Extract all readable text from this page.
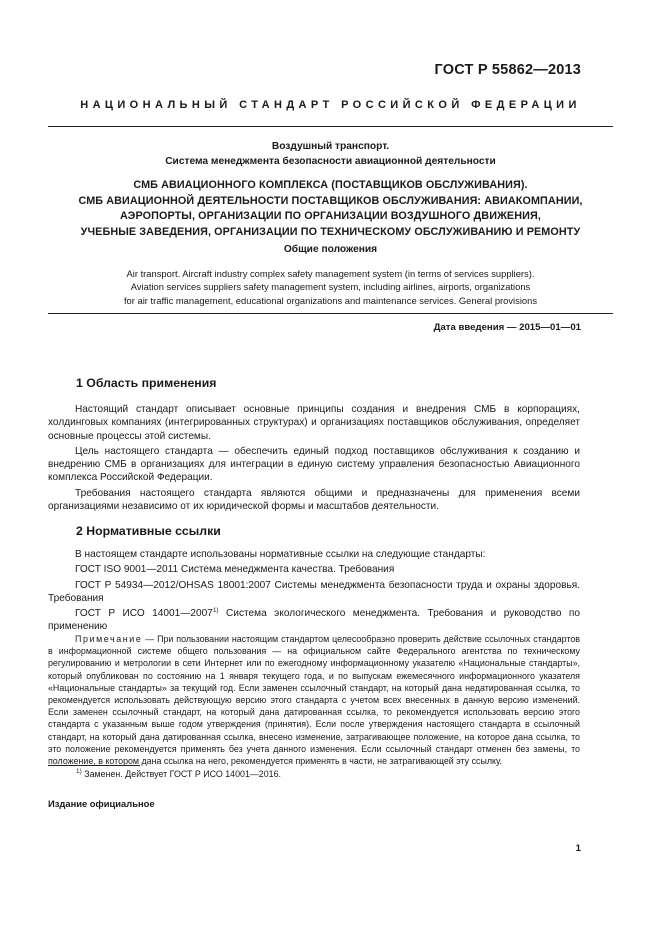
ГОСТ Р 55862—2013
НАЦИОНАЛЬНЫЙ СТАНДАРТ РОССИЙСКОЙ ФЕДЕРАЦИИ
Воздушный транспорт.
Система менеджмента безопасности авиационной деятельности
СМБ АВИАЦИОННОГО КОМПЛЕКСА (ПОСТАВЩИКОВ ОБСЛУЖИВАНИЯ).
СМБ АВИАЦИОННОЙ ДЕЯТЕЛЬНОСТИ ПОСТАВЩИКОВ ОБСЛУЖИВАНИЯ: АВИАКОМПАНИИ,
АЭРОПОРТЫ, ОРГАНИЗАЦИИ ПО ОРГАНИЗАЦИИ ВОЗДУШНОГО ДВИЖЕНИЯ,
УЧЕБНЫЕ ЗАВЕДЕНИЯ, ОРГАНИЗАЦИИ ПО ТЕХНИЧЕСКОМУ ОБСЛУЖИВАНИЮ И РЕМОНТУ
Общие положения
Air transport. Aircraft industry complex safety management system (in terms of services suppliers).
Aviation services suppliers safety management system, including airlines, airports, organizations
for air traffic management, educational organizations and maintenance services. General provisions
Дата введения — 2015—01—01
1 Область применения

Настоящий стандарт описывает основные принципы создания и внедрения СМБ в корпорациях, холдинговых компаниях (интегрированных структурах) и организациях поставщиков обслуживания, определяет основные процессы этой системы.

Цель настоящего стандарта — обеспечить единый подход поставщиков обслуживания к созданию и внедрению СМБ в организациях для интеграции в единую систему управления безопасностью Авиационного комплекса Российской Федерации.

Требования настоящего стандарта являются общими и предназначены для применения всеми организациями независимо от их юридической формы и масштабов деятельности.

2 Нормативные ссылки

В настоящем стандарте использованы нормативные ссылки на следующие стандарты:

ГОСТ ISO 9001—2011 Система менеджмента качества. Требования

ГОСТ Р 54934—2012/OHSAS 18001:2007 Системы менеджмента безопасности труда и охраны здоровья. Требования

ГОСТ Р ИСО 14001—2007$^{1)}$ Система экологического менеджмента. Требования и руководство по применению

Примечание — При пользовании настоящим стандартом целесообразно проверить действие ссылочных стандартов в информационной системе общего пользования — на официальном сайте Федерального агентства по техническому регулированию и метрологии в сети Интернет или по ежегодному информационному указателю «Национальные стандарты», который опубликован по состоянию на 1 января текущего года, и по выпускам ежемесячного информационного указателя «Национальные стандарты» за текущий год. Если заменен ссылочный стандарт, на который дана недатированная ссылка, то рекомендуется использовать действующую версию этого стандарта с учетом всех внесенных в данную версию изменений. Если заменен ссылочный стандарт, на который дана датированная ссылка, то рекомендуется использовать версию этого стандарта с указанным выше годом утверждения (принятия). Если после утверждения настоящего стандарта в ссылочный стандарт, на который дана датированная ссылка, внесено изменение, затрагивающее положение, на которое дана ссылка, то это положение рекомендуется применять без учета данного изменения. Если ссылочный стандарт отменен без замены, то положение, в котором дана ссылка на него, рекомендуется применять в части, не затрагивающей эту ссылку.

$^{1)}$ Заменен. Действует ГОСТ Р ИСО 14001—2016.
Издание официальное
1
